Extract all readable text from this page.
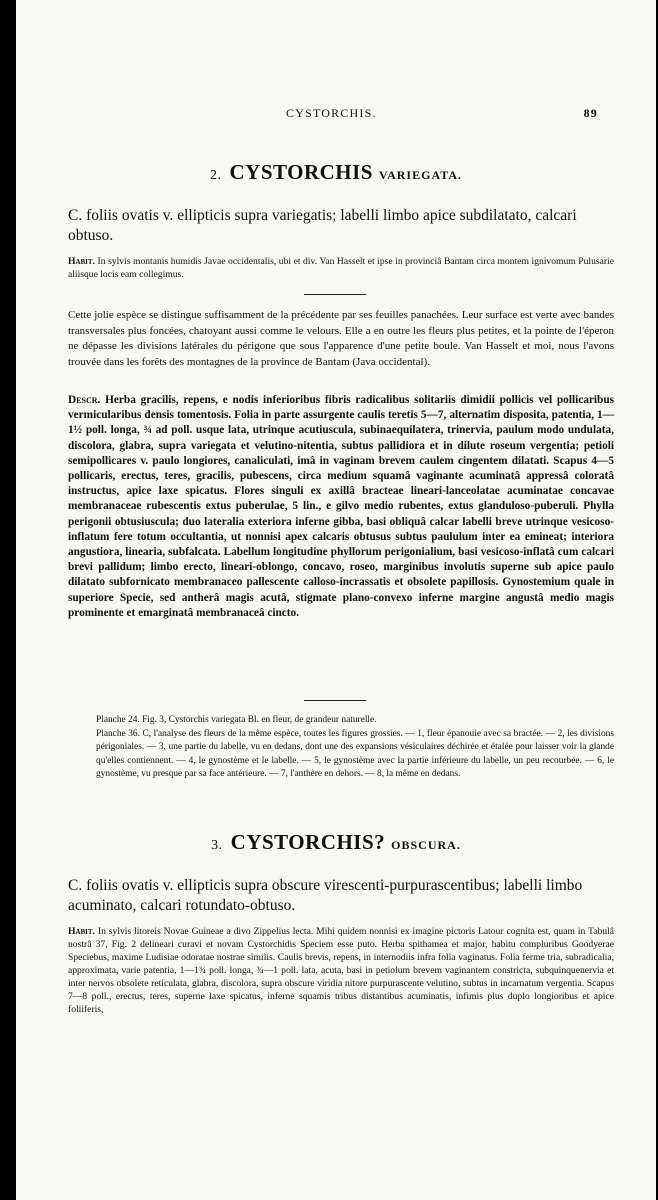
CYSTORCHIS.	89
2. CYSTORCHIS VARIEGATA.
C. foliis ovatis v. ellipticis supra variegatis; labelli limbo apice subdilatato, calcari obtuso.
Habit. In sylvis montanis humidis Javae occidentalis, ubi et div. Van Hasselt et ipse in provinciâ Bantam circa montem ignivomum Pulusarie aliisque locis eam collegimus.
Cette jolie espèce se distingue suffisamment de la précédente par ses feuilles panachées. Leur surface est verte avec bandes transversales plus foncées, chatoyant aussi comme le velours. Elle a en outre les fleurs plus petites, et la pointe de l'éperon ne dépasse les divisions latérales du périgone que sous l'apparence d'une petite boule. Van Hasselt et moi, nous l'avons trouvée dans les forêts des montagnes de la province de Bantam (Java occidental).
Descr. Herba gracilis, repens, e nodis inferioribus fibris radicalibus solitariis dimidii pollicis vel pollicaribus vermicularibus densis tomentosis. Folia in parte assurgente caulis teretis 5—7, alternatim disposita, patentia, 1—1½ poll. longa, ¾ ad poll. usque lata, utrinque acutiuscula, subinaequilatera, trinervia, paulum modo undulata, discolora, glabra, supra variegata et velutino-nitentia, subtus pallidiora et in dilute roseum vergentia; petioli semipollicares v. paulo longiores, canaliculati, imâ in vaginam brevem caulem cingentem dilatati. Scapus 4—5 pollicaris, erectus, teres, gracilis, pubescens, circa medium squamâ vaginante acuminatâ appressâ coloratâ instructus, apice laxe spicatus. Flores singuli ex axillâ bracteae lineari-lanceolatae acuminatae concavae membranaceae rubescentis extus puberulae, 5 lin., e gilvo medio rubentes, extus glanduloso-puberuli. Phylla perigonii obtusiuscula; duo lateralia exteriora inferne gibba, basi obliquâ calcar labelli breve utrinque vesicoso-inflatum fere totum occultantia, ut nonnisi apex calcaris obtusus subtus paululum inter ea emineat; interiora angustiora, linearia, subfalcata. Labellum longitudine phyllorum perigonialium, basi vesicoso-inflatâ cum calcari brevi pallidum; limbo erecto, lineari-oblongo, concavo, roseo, marginibus involutis superne sub apice paulo dilatato subfornicato membranaceo pallescente calloso-incrassatis et obsolete papillosis. Gynostemium quale in superiore Specie, sed antherâ magis acutâ, stigmate plano-convexo inferne margine angustâ medio magis prominente et emarginatâ membranaceâ cincto.

Planche 24. Fig. 3, Cystorchis variegata Bl. en fleur, de grandeur naturelle.

Planche 36. C, l'analyse des fleurs de la même espèce, toutes les figures grossies. — 1, fleur épanouie avec sa bractée. — 2, les divisions périgoniales. — 3, une partie du labelle, vu en dedans, dont une des expansions vésiculaires déchirée et étalée pour laisser voir la glande qu'elles contiennent. — 4, le gynostème et le labelle. — 5, le gynostème avec la partie inférieure du labelle, un peu recourbée. — 6, le gynostème, vu presque par sa face antérieure. — 7, l'anthère en dehors. — 8, la même en dedans.

3. CYSTORCHIS? OBSCURA.
C. foliis ovatis v. ellipticis supra obscure virescenti-purpurascentibus; labelli limbo acuminato, calcari rotundato-obtuso.
Habit. In sylvis litoreis Novae Guineae a divo Zippelius lecta. Mihi quidem nonnisi ex imagine pictoris Latour cognita est, quam in Tabulâ nostrâ 37, Fig. 2 delineari curavi et novam Cystorchidis Speciem esse puto. Herba spithamea et major, habitu compluribus Goodyerae Speciebus, maxime Ludisiae odoratae nostrae similis. Caulis brevis, repens, in internodiis infra folia vaginatus. Folia ferme tria, subradicalia, approximata, varie patentia, 1—1¾ poll. longa, ¾—1 poll. lata, acuta, basi in petiolum brevem vaginantem constricta, subquinquenervia et inter nervos obsolete reticulata, glabra, discolora, supra obscure viridia nitore purpurascente velutino, subtus in incarnatum vergentia. Scapus 7—8 poll., erectus, teres, superne laxe spicatus, inferne squamis tribus distantibus acuminatis, infimis plus duplo longioribus et apice foliiferis,
